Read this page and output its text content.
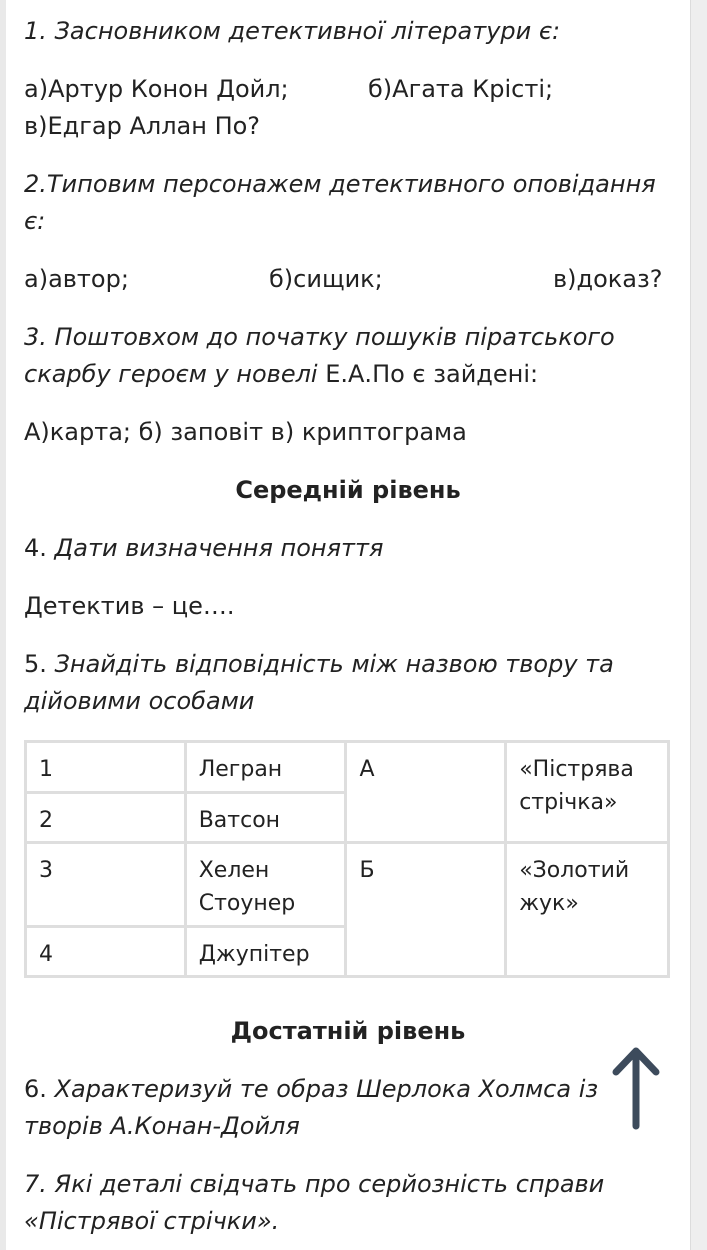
1. Засновником детективної літератури є:
а)Артур Конон Дойл;	б)Агата Крісті;
в)Едгар Аллан По?
2.Типовим персонажем детективного оповідання
є:
а)автор;	б)сищик;	в)доказ?
3. Поштовхом до початку пошуків піратського
скарбу героєм у новелі Е.А.По є зайдені:
А)карта; б) заповіт в) криптограма
Середній рівень
4. Дати визначення поняття
Детектив – це….
5. Знайдіть відповідність між назвою твору та
дійовими особами
1	Легран	А	«Пістрява стрічка»
2	Ватсон		
3	Хелен Стоунер	Б	«Золотий жук»
4	Джупітер		
Достатній рівень
6. Характеризуй те образ Шерлока Холмса із
творів А.Конан-Дойля
7. Які деталі свідчать про серйозність справи
«Пістрявої стрічки».
